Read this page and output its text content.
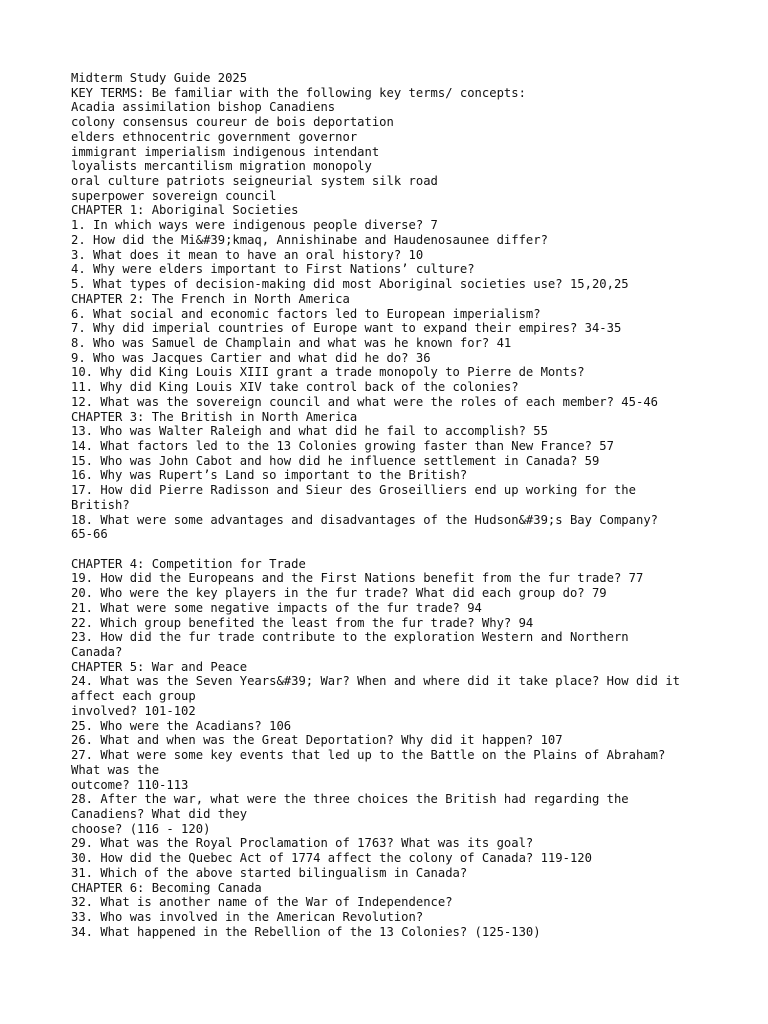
Midterm Study Guide 2025
KEY TERMS: Be familiar with the following key terms/ concepts:
Acadia assimilation bishop Canadiens
colony consensus coureur de bois deportation
elders ethnocentric government governor
immigrant imperialism indigenous intendant
loyalists mercantilism migration monopoly
oral culture patriots seigneurial system silk road
superpower sovereign council
CHAPTER 1: Aboriginal Societies
1. In which ways were indigenous people diverse? 7
2. How did the Mi&#39;kmaq, Annishinabe and Haudenosaunee differ?
3. What does it mean to have an oral history? 10
4. Why were elders important to First Nations’ culture?
5. What types of decision-making did most Aboriginal societies use? 15,20,25
CHAPTER 2: The French in North America
6. What social and economic factors led to European imperialism?
7. Why did imperial countries of Europe want to expand their empires? 34-35
8. Who was Samuel de Champlain and what was he known for? 41
9. Who was Jacques Cartier and what did he do? 36
10. Why did King Louis XIII grant a trade monopoly to Pierre de Monts?
11. Why did King Louis XIV take control back of the colonies?
12. What was the sovereign council and what were the roles of each member? 45-46
CHAPTER 3: The British in North America
13. Who was Walter Raleigh and what did he fail to accomplish? 55
14. What factors led to the 13 Colonies growing faster than New France? 57
15. Who was John Cabot and how did he influence settlement in Canada? 59
16. Why was Rupert’s Land so important to the British?
17. How did Pierre Radisson and Sieur des Groseilliers end up working for the
British?
18. What were some advantages and disadvantages of the Hudson&#39;s Bay Company?
65-66
CHAPTER 4: Competition for Trade
19. How did the Europeans and the First Nations benefit from the fur trade? 77
20. Who were the key players in the fur trade? What did each group do? 79
21. What were some negative impacts of the fur trade? 94
22. Which group benefited the least from the fur trade? Why? 94
23. How did the fur trade contribute to the exploration Western and Northern
Canada?
CHAPTER 5: War and Peace
24. What was the Seven Years&#39; War? When and where did it take place? How did it
affect each group
involved? 101-102
25. Who were the Acadians? 106
26. What and when was the Great Deportation? Why did it happen? 107
27. What were some key events that led up to the Battle on the Plains of Abraham?
What was the
outcome? 110-113
28. After the war, what were the three choices the British had regarding the
Canadiens? What did they
choose? (116 - 120)
29. What was the Royal Proclamation of 1763? What was its goal?
30. How did the Quebec Act of 1774 affect the colony of Canada? 119-120
31. Which of the above started bilingualism in Canada?
CHAPTER 6: Becoming Canada
32. What is another name of the War of Independence?
33. Who was involved in the American Revolution?
34. What happened in the Rebellion of the 13 Colonies? (125-130)
